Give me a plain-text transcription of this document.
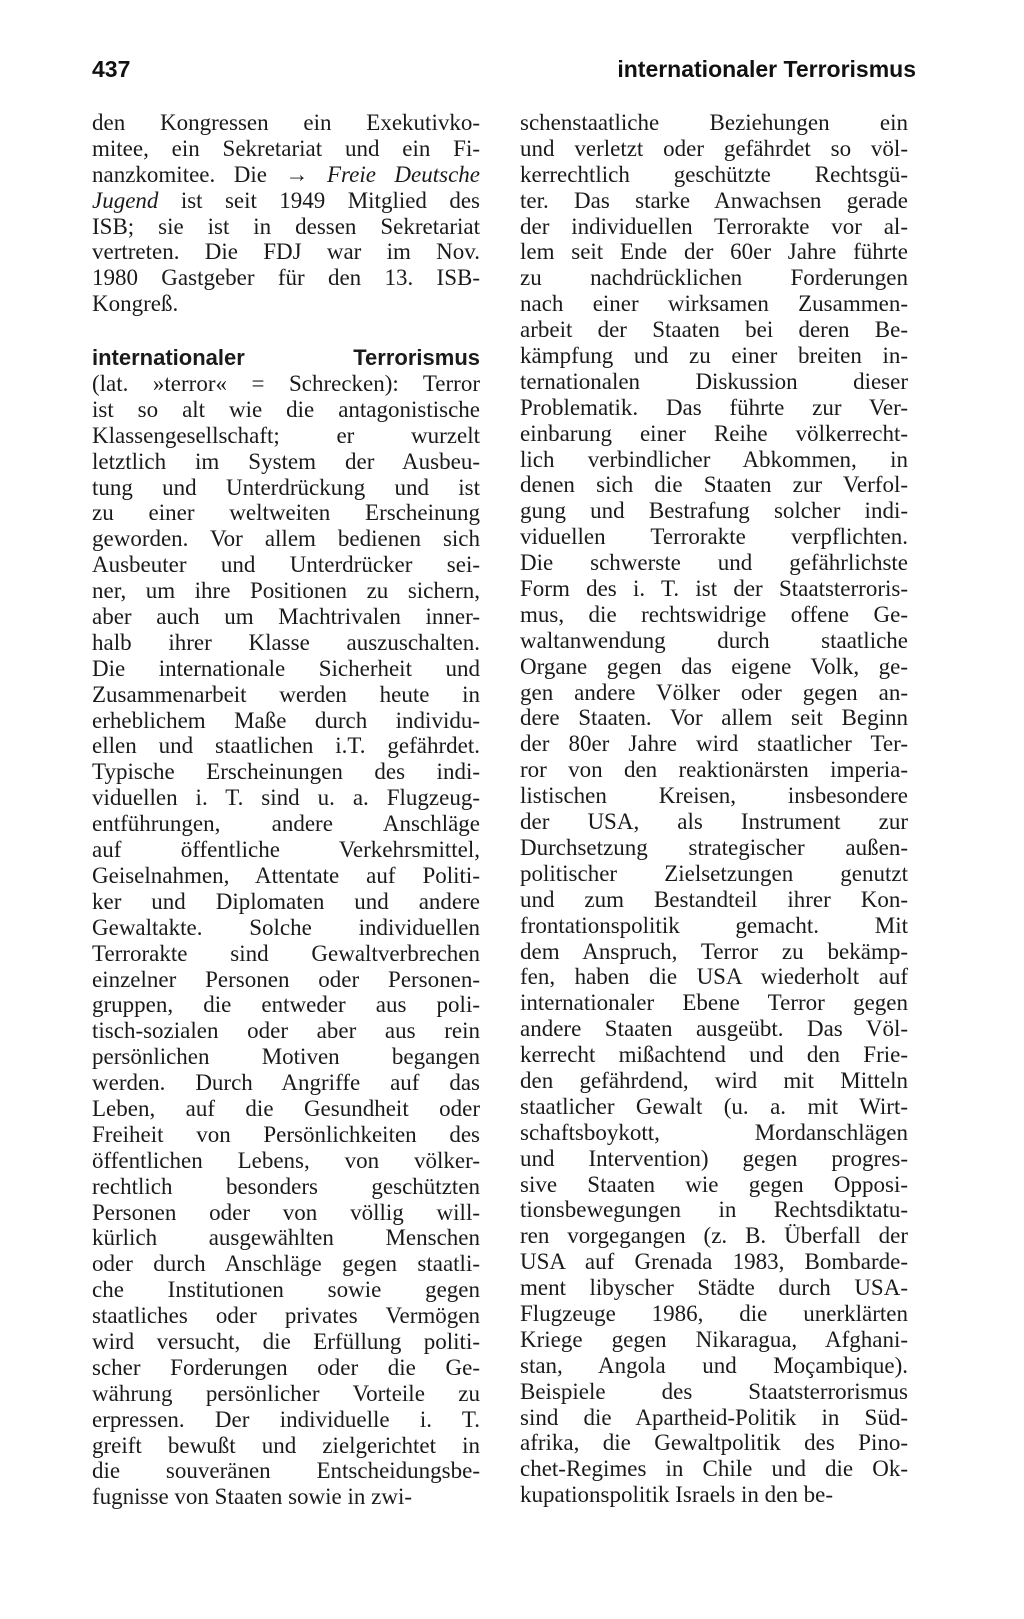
437	internationaler Terrorismus
den Kongressen ein Exekutivko-
mitee, ein Sekretariat und ein Fi-
nanzkomitee. Die → Freie Deutsche
Jugend ist seit 1949 Mitglied des
ISB; sie ist in dessen Sekretariat
vertreten. Die FDJ war im Nov.
1980 Gastgeber für den 13. ISB-
Kongreß.
internationaler	Terrorismus
(lat. »terror« = Schrecken): Terror
ist so alt wie die antagonistische
Klassengesellschaft; er wurzelt
letztlich im System der Ausbeu-
tung und Unterdrückung und ist
zu einer weltweiten Erscheinung
geworden. Vor allem bedienen sich
Ausbeuter und Unterdrücker sei-
ner, um ihre Positionen zu sichern,
aber auch um Machtrivalen inner-
halb ihrer Klasse auszuschalten.
Die internationale Sicherheit und
Zusammenarbeit werden heute in
erheblichem Maße durch individu-
ellen und staatlichen i.T. gefährdet.
Typische Erscheinungen des indi-
viduellen i. T. sind u. a. Flugzeug-
entführungen, andere Anschläge
auf öffentliche Verkehrsmittel,
Geiselnahmen, Attentate auf Politi-
ker und Diplomaten und andere
Gewaltakte. Solche individuellen
Terrorakte sind Gewaltverbrechen
einzelner Personen oder Personen-
gruppen, die entweder aus poli-
tisch-sozialen oder aber aus rein
persönlichen Motiven begangen
werden. Durch Angriffe auf das
Leben, auf die Gesundheit oder
Freiheit von Persönlichkeiten des
öffentlichen Lebens, von völker-
rechtlich besonders geschützten
Personen oder von völlig will-
kürlich ausgewählten Menschen
oder durch Anschläge gegen staatli-
che Institutionen sowie gegen
staatliches oder privates Vermögen
wird versucht, die Erfüllung politi-
scher Forderungen oder die Ge-
währung persönlicher Vorteile zu
erpressen. Der individuelle i. T.
greift bewußt und zielgerichtet in
die souveränen Entscheidungsbe-
fugnisse von Staaten sowie in zwi-
schenstaatliche Beziehungen ein
und verletzt oder gefährdet so völ-
kerrechtlich geschützte Rechtsgü-
ter. Das starke Anwachsen gerade
der individuellen Terrorakte vor al-
lem seit Ende der 60er Jahre führte
zu nachdrücklichen Forderungen
nach einer wirksamen Zusammen-
arbeit der Staaten bei deren Be-
kämpfung und zu einer breiten in-
ternationalen Diskussion dieser
Problematik. Das führte zur Ver-
einbarung einer Reihe völkerrecht-
lich verbindlicher Abkommen, in
denen sich die Staaten zur Verfol-
gung und Bestrafung solcher indi-
viduellen Terrorakte verpflichten.
Die schwerste und gefährlichste
Form des i. T. ist der Staatsterroris-
mus, die rechtswidrige offene Ge-
waltanwendung durch staatliche
Organe gegen das eigene Volk, ge-
gen andere Völker oder gegen an-
dere Staaten. Vor allem seit Beginn
der 80er Jahre wird staatlicher Ter-
ror von den reaktionärsten imperia-
listischen Kreisen, insbesondere
der USA, als Instrument zur
Durchsetzung strategischer außen-
politischer Zielsetzungen genutzt
und zum Bestandteil ihrer Kon-
frontationspolitik gemacht. Mit
dem Anspruch, Terror zu bekämp-
fen, haben die USA wiederholt auf
internationaler Ebene Terror gegen
andere Staaten ausgeübt. Das Völ-
kerrecht mißachtend und den Frie-
den gefährdend, wird mit Mitteln
staatlicher Gewalt (u. a. mit Wirt-
schaftsboykott, Mordanschlägen
und Intervention) gegen progres-
sive Staaten wie gegen Opposi-
tionsbewegungen in Rechtsdiktatu-
ren vorgegangen (z. B. Überfall der
USA auf Grenada 1983, Bombarde-
ment libyscher Städte durch USA-
Flugzeuge 1986, die unerklärten
Kriege gegen Nikaragua, Afghani-
stan, Angola und Moçambique).
Beispiele des Staatsterrorismus
sind die Apartheid-Politik in Süd-
afrika, die Gewaltpolitik des Pino-
chet-Regimes in Chile und die Ok-
kupationspolitik Israels in den be-
